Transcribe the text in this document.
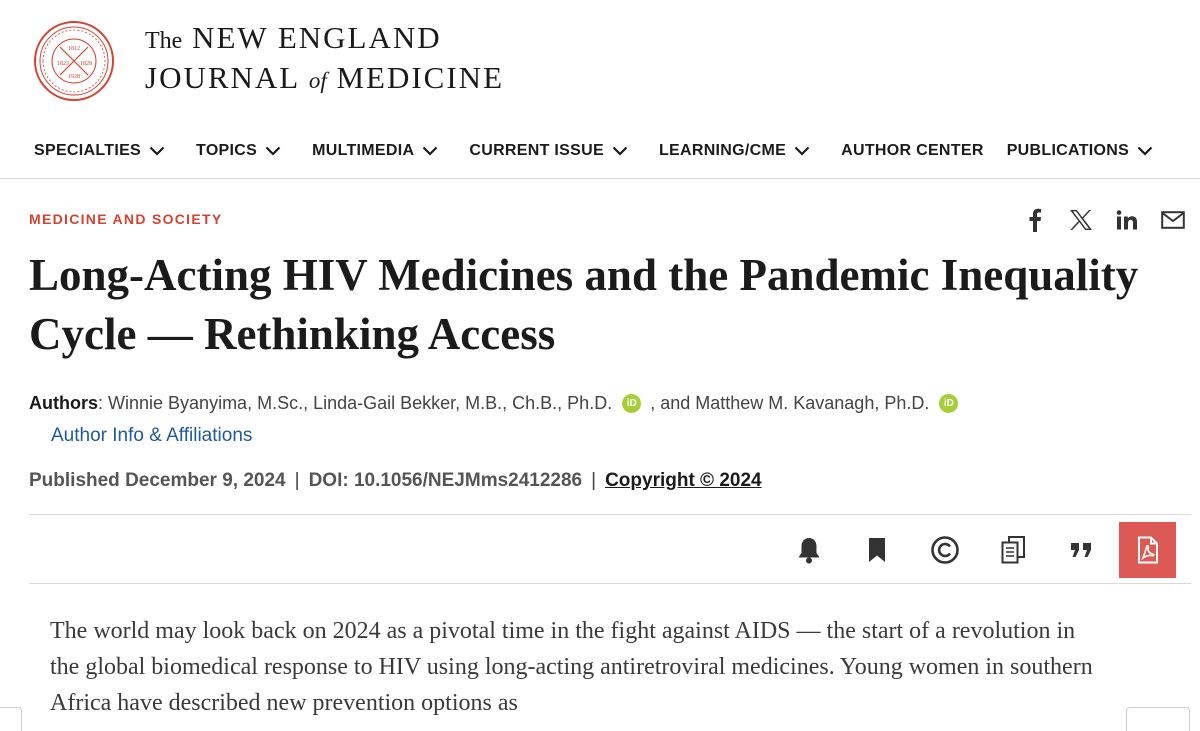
1812
1823 1828
1928
The NEW ENGLAND
JOURNAL of MEDICINE
SPECIALTIES	TOPICS	MULTIMEDIA	CURRENT ISSUE	LEARNING/CME	AUTHOR CENTER PUBLICATIONS
MEDICINE AND SOCIETY
Long-Acting HIV Medicines and the Pandemic Inequality Cycle — Rethinking Access
Authors: Winnie Byanyima, M.Sc., Linda-Gail Bekker, M.B., Ch.B., Ph.D. iD , and Matthew M. Kavanagh, Ph.D. iD
Author Info & Affiliations
Published December 9, 2024 | DOI: 10.1056/NEJMms2412286 | Copyright © 2024

The world may look back on 2024 as a pivotal time in the fight against AIDS — the start of a revolution in the global biomedical response to HIV using long-acting antiretroviral medicines. Young women in southern Africa have described new prevention options as
